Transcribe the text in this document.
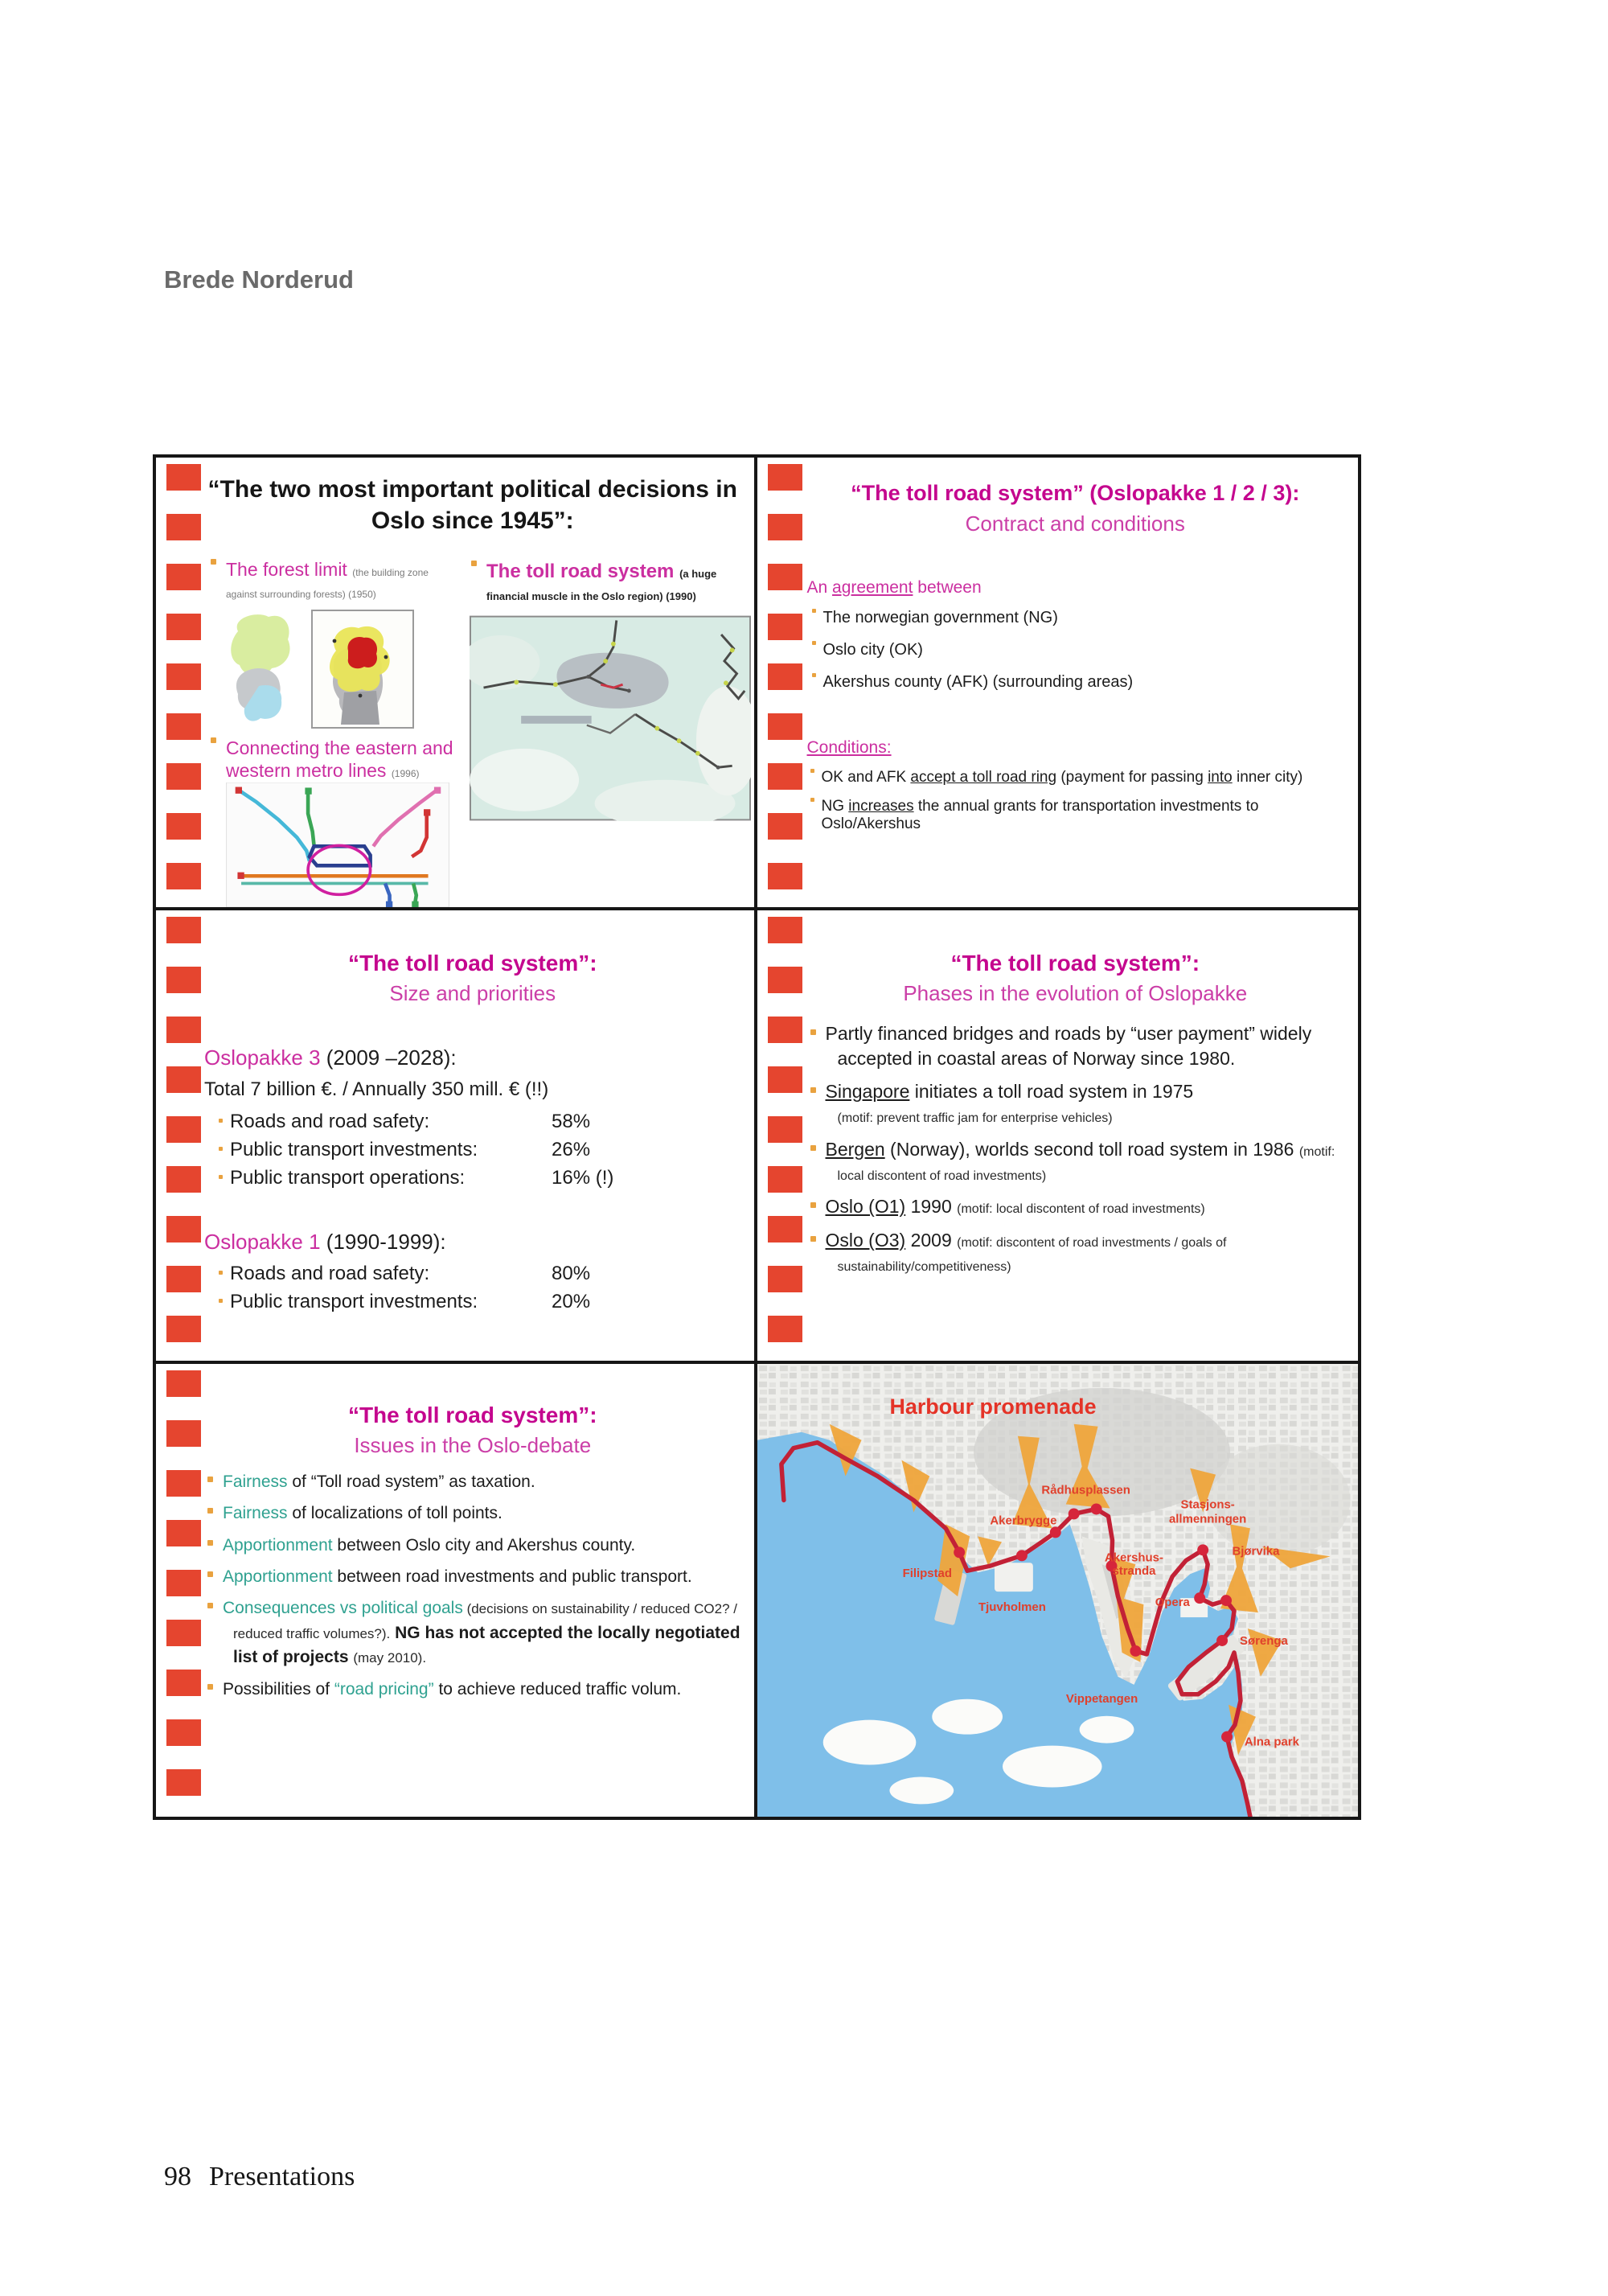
Brede Norderud
“The two most important political decisions in Oslo since 1945”:
The forest limit (the building zone against surrounding forests) (1950)
Connecting the eastern and western metro lines (1996)
The toll road system (a huge financial muscle in the Oslo region) (1990)
“The toll road system” (Oslopakke 1 / 2 / 3):
Contract and conditions
An agreement between
The norwegian government (NG)
Oslo city (OK)
Akershus county (AFK) (surrounding areas)
Conditions:
OK and AFK accept a toll road ring (payment for passing into inner city)
NG increases the annual grants for transportation investments to Oslo/Akershus
“The toll road system”:
Size and priorities
Oslopakke 3 (2009 –2028):
Total 7 billion €. / Annually 350 mill. € (!!)
Roads and road safety:	58%
Public transport investments:	26%
Public transport operations:	16% (!)
Oslopakke 1 (1990-1999):
Roads and road safety:	80%
Public transport investments:	20%
“The toll road system”:
Phases in the evolution of Oslopakke
Partly financed bridges and roads by “user payment” widely accepted in coastal areas of Norway since 1980.
Singapore initiates a toll road system in 1975
(motif: prevent traffic jam for enterprise vehicles)
Bergen (Norway), worlds second toll road system in 1986 (motif: local discontent of road investments)
Oslo (O1) 1990 (motif: local discontent of road investments)
Oslo (O3) 2009 (motif: discontent of road investments / goals of sustainability/competitiveness)
“The toll road system”:
Issues in the Oslo-debate
Fairness of “Toll road system” as taxation.
Fairness of localizations of toll points.
Apportionment between Oslo city and Akershus county.
Apportionment between road investments and public transport.
Consequences vs political goals (decisions on sustainability / reduced CO2? / reduced traffic volumes?). NG has not accepted the locally negotiated list of projects (may 2010).
Possibilities of “road pricing” to achieve reduced traffic volum.
Harbour promenade
Rådhusplassen
Stasjons-
allmenningen
Akerbrygge
Akershus-
stranda
Bjørvika
Filipstad
Tjuvholmen	Opera
Sørenga
Vippetangen
Alna park
98 Presentations
